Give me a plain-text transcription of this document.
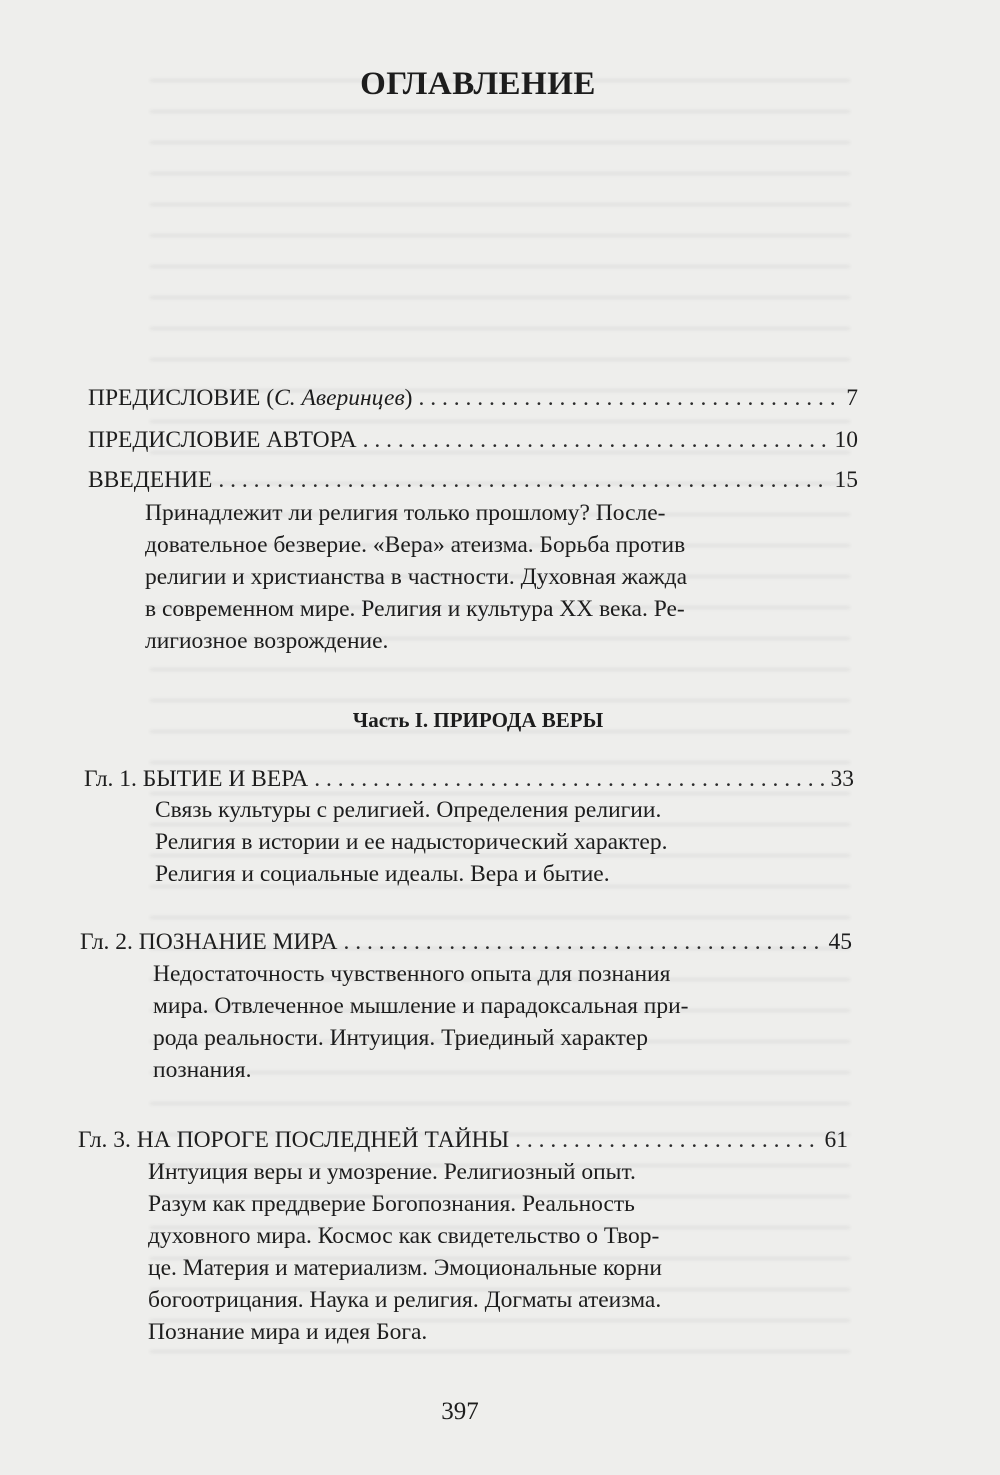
ОГЛАВЛЕНИЕ
ПРЕДИСЛОВИЕ (С. Аверинцев) . . .	7
ПРЕДИСЛОВИЕ АВТОРА . . .	10
ВВЕДЕНИЕ . . .	15

Принадлежит ли религия только прошлому? После-
довательное безверие. «Вера» атеизма. Борьба против
религии и христианства в частности. Духовная жажда
в современном мире. Религия и культура XX века. Ре-
лигиозное возрождение.

Часть I. ПРИРОДА ВЕРЫ
Гл. 1. БЫТИЕ И ВЕРА . . .	33

Связь культуры с религией. Определения религии.
Религия в истории и ее надысторический характер.
Религия и социальные идеалы. Вера и бытие.

Гл. 2. ПОЗНАНИЕ МИРА . . .	45

Недостаточность чувственного опыта для познания
мира. Отвлеченное мышление и парадоксальная при-
рода реальности. Интуиция. Триединый характер
познания.

Гл. 3. НА ПОРОГЕ ПОСЛЕДНЕЙ ТАЙНЫ . . .	61

Интуиция веры и умозрение. Религиозный опыт.
Разум как преддверие Богопознания. Реальность
духовного мира. Космос как свидетельство о Твор-
це. Материя и материализм. Эмоциональные корни
богоотрицания. Наука и религия. Догматы атеизма.
Познание мира и идея Бога.

397
